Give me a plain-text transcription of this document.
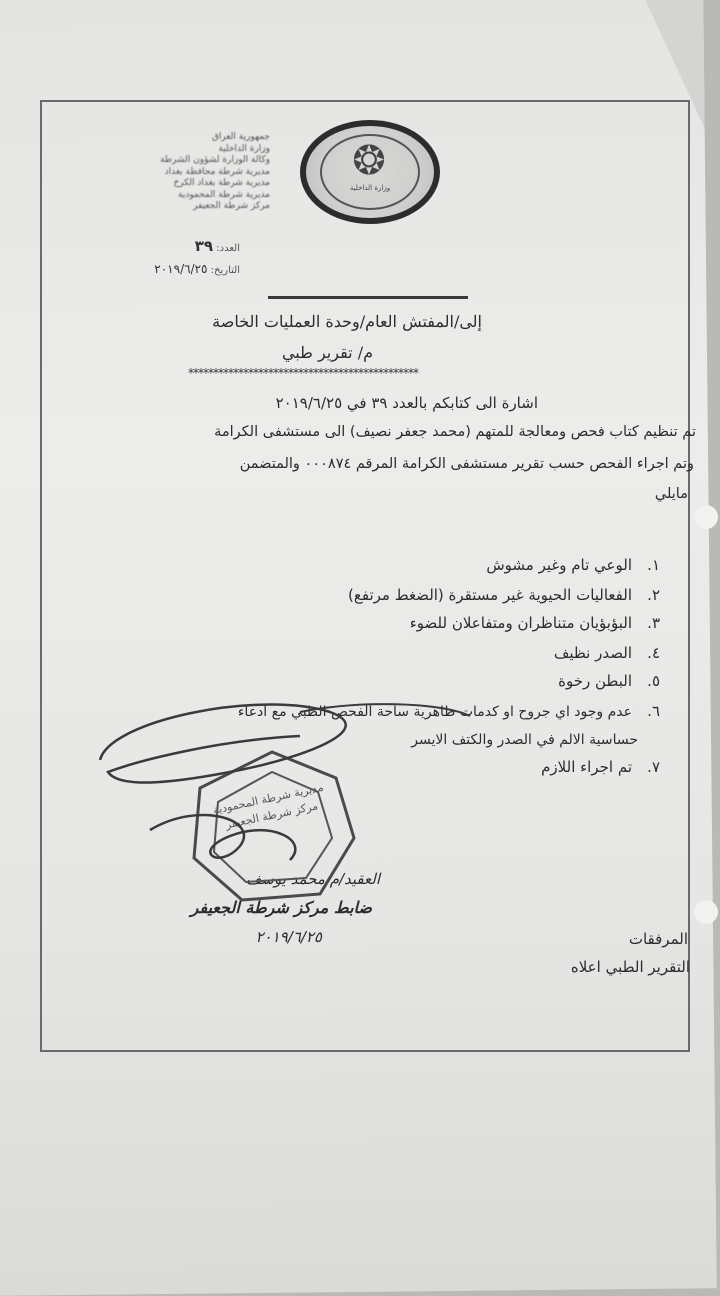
❂
وزارة الداخلية
جمهورية العراق
وزارة الداخلية
وكالة الوزارة لشؤون الشرطة
مديرية شرطة محافظة بغداد
مديرية شرطة بغداد الكرخ
مديرية شرطة المحمودية
مركز شرطة الجعيفر
العدد: ٣٩
التاريخ: ٢٠١٩/٦/٢٥
إلى/المفتش العام/وحدة العمليات الخاصة
م/ تقرير طبي
**********************************************
اشارة الى كتابكم بالعدد ٣٩ في ٢٠١٩/٦/٢٥
تم تنظيم كتاب فحص ومعالجة للمتهم (محمد جعفر نصيف) الى مستشفى الكرامة
وتم اجراء الفحص حسب تقرير مستشفى الكرامة المرقم ٠٠٠٨٧٤ والمتضمن
مايلي
١.الوعي تام وغير مشوش
٢.الفعاليات الحيوية غير مستقرة (الضغط مرتفع)
٣.البؤبؤيان متناظران ومتفاعلان للضوء
٤.الصدر نظيف
٥.البطن رخوة
٦.عدم وجود اي جروح او كدمات ظاهرية ساحة الفحص الطبي مع ادعاء
حساسية الالم في الصدر والكتف الايسر
٧.تم اجراء اللازم
العقيد/م محمد يوسف
ضابط مركز شرطة الجعيفر
٢٠١٩/٦/٢٥
مديرية شرطة المحمودية مركز شرطة الجعيفر
المرفقات
التقرير الطبي اعلاه
